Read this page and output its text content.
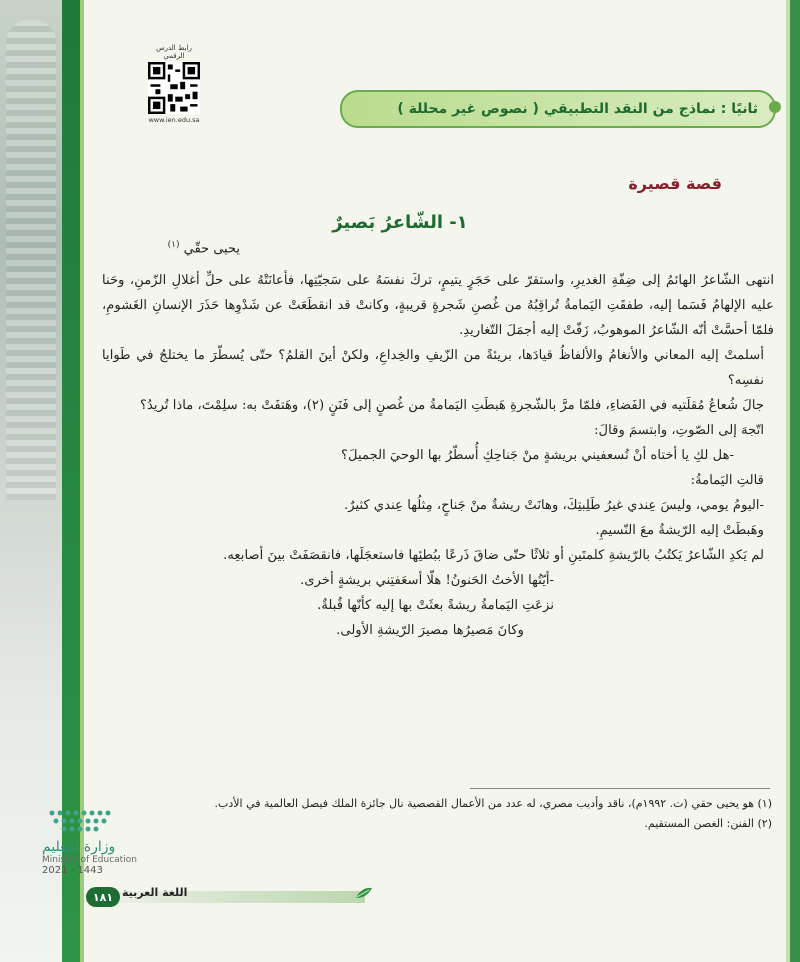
رابط الدرس الرقمي
www.ien.edu.sa
ثانيًا : نماذج من النقد التطبيقي ( نصوص غير محللة )
قصة قصيرة
١- الشّاعرُ بَصيرٌ
يحيى حقّي $^{(١)}$

انتهى الشّاعرُ الهائمُ إلى ضِفّةِ الغديرِ، واستقرّ على حَجَرٍ يتيمٍ، تركَ نفسَهُ على سَجيّتِها، فأعانَتْهُ على حلِّ أغلالِ الزّمنِ، وحَنا عليه الإلهامُ فَسَما إليه، طفقَتِ اليَمامةُ تُراقِبُهُ من غُصنِ شَجرةٍ قريبةٍ، وكانتْ قد انقطَعَتْ عن شَدْوِها حَذَرَ الإنسانِ الغَشومِ، فلمّا أحسَّتْ أنّه الشّاعرُ الموهوبُ، زَفّتْ إليه أجمَلَ التّغاريدِ.

أسلمتْ إليه المعاني والأنغامُ والألفاظُ قيادَها، بريئةً من الزّيفِ والخِداعِ، ولكنْ أينَ القلمُ؟ حتّى يُسطّرَ ما يختلجُ في طَوايا نفسِه؟

جالَ شُعاعُ مُقلَتيه في الفَضاءِ، فلمّا مرَّ بالشّجرةِ هَبطَتِ اليَمامةُ من غُصنٍ إلى فَنَنٍ (٢)، وهَتفَتْ به: سلِمْتَ، ماذا تُريدُ؟

اتّجهَ إلى الصّوتِ، وابتسمَ وقالَ:

-هل لكِ يا أختاه أنْ تُسعفيني بريشةٍ منْ جَناحِكِ أُسطّرُ بها الوحيَ الجميلَ؟

قالتِ اليَمامةُ:

-اليومُ يومي، وليسَ عِندي غيرُ طَلِبتِكَ، وهانَتْ ريشةٌ منْ جَناحٍ، مِثلُها عِندي كثيرٌ.

وهَبطَتْ إليه الرّيشةُ معَ النّسيمِ.

لم يَكدِ الشّاعرُ يَكتُبُ بالرّيشةِ كلمتَينِ أو ثلاثًا حتّى ضاقَ ذَرعًا ببُطئِها فاستعجَلَها، فانقصَفَتْ بينَ أصابعِه.

-أيّتُها الأختُ الحَنونُ! هلّا أسعَفتِني بريشةٍ أخرى.

نزعَتِ اليَمامةُ ريشةً بعثَتْ بها إليه كأنّها قُبلةٌ.

وكانَ مَصيرُها مصيرَ الرّيشةِ الأولى.

(١) هو يحيى حقي (ت. ١٩٩٢م)، ناقد وأديب مصري، له عدد من الأعمال القصصية نال جائزة الملك فيصل العالمية في الأدب.
(٢) الفنن: الغصن المستقيم.
وزارة التعليم
Ministry of Education
2021 - 1443
١٨١ اللغة العربية
